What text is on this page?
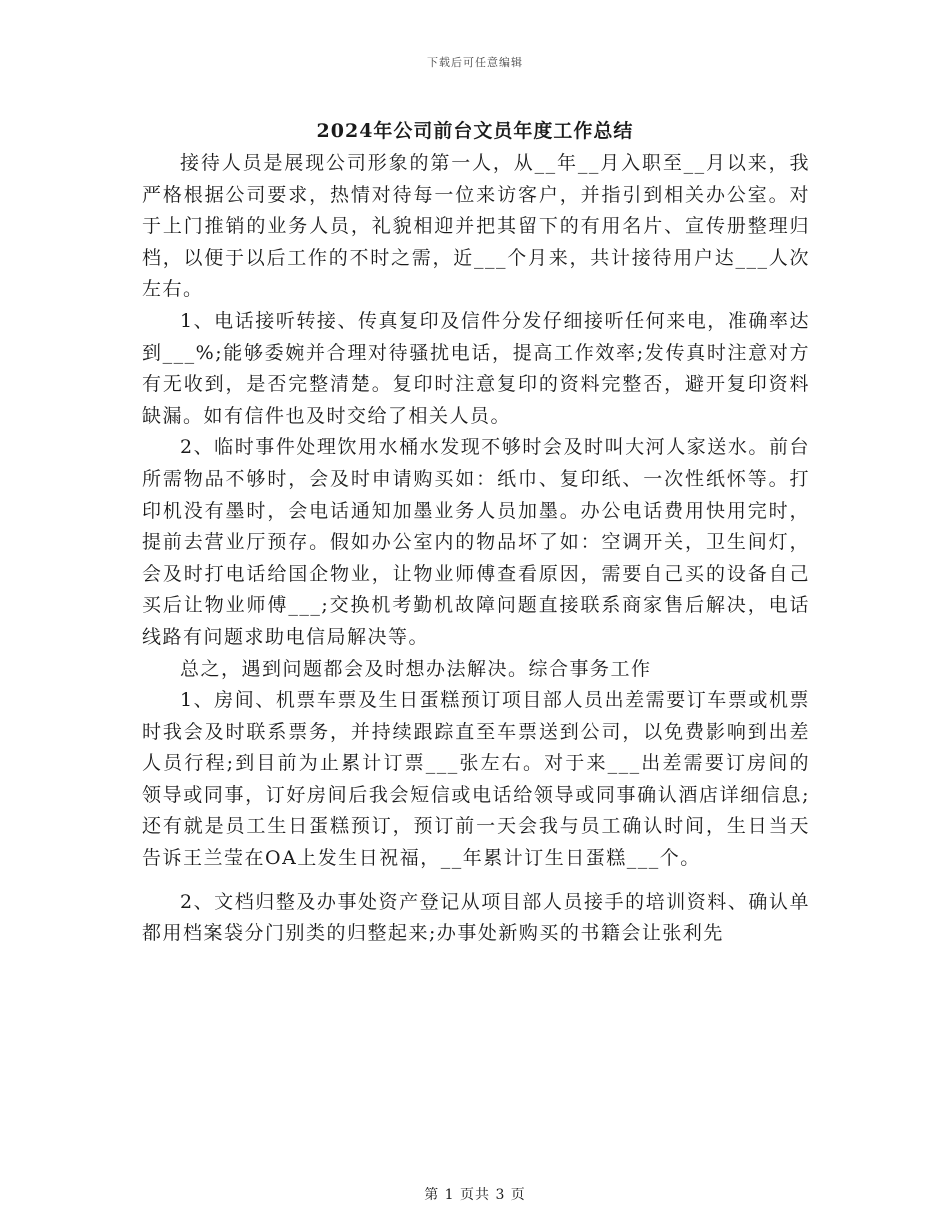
下载后可任意编辑
2024年公司前台文员年度工作总结

接待人员是展现公司形象的第一人，从__年__月入职至__月以来，我严格根据公司要求，热情对待每一位来访客户，并指引到相关办公室。对于上门推销的业务人员，礼貌相迎并把其留下的有用名片、宣传册整理归档，以便于以后工作的不时之需，近___个月来，共计接待用户达___人次左右。

1、电话接听转接、传真复印及信件分发仔细接听任何来电，准确率达到___%;能够委婉并合理对待骚扰电话，提高工作效率;发传真时注意对方有无收到，是否完整清楚。复印时注意复印的资料完整否，避开复印资料缺漏。如有信件也及时交给了相关人员。

2、临时事件处理饮用水桶水发现不够时会及时叫大河人家送水。前台所需物品不够时，会及时申请购买如：纸巾、复印纸、一次性纸怀等。打印机没有墨时，会电话通知加墨业务人员加墨。办公电话费用快用完时，提前去营业厅预存。假如办公室内的物品坏了如：空调开关，卫生间灯，会及时打电话给国企物业，让物业师傅查看原因，需要自己买的设备自己买后让物业师傅___;交换机考勤机故障问题直接联系商家售后解决，电话线路有问题求助电信局解决等。

总之，遇到问题都会及时想办法解决。综合事务工作

1、房间、机票车票及生日蛋糕预订项目部人员出差需要订车票或机票时我会及时联系票务，并持续跟踪直至车票送到公司，以免费影响到出差人员行程;到目前为止累计订票___张左右。对于来___出差需要订房间的领导或同事，订好房间后我会短信或电话给领导或同事确认酒店详细信息;还有就是员工生日蛋糕预订，预订前一天会我与员工确认时间，生日当天告诉王兰莹在OA上发生日祝福，__年累计订生日蛋糕___个。

2、文档归整及办事处资产登记从项目部人员接手的培训资料、确认单都用档案袋分门别类的归整起来;办事处新购买的书籍会让张利先

第 1 页共 3 页
